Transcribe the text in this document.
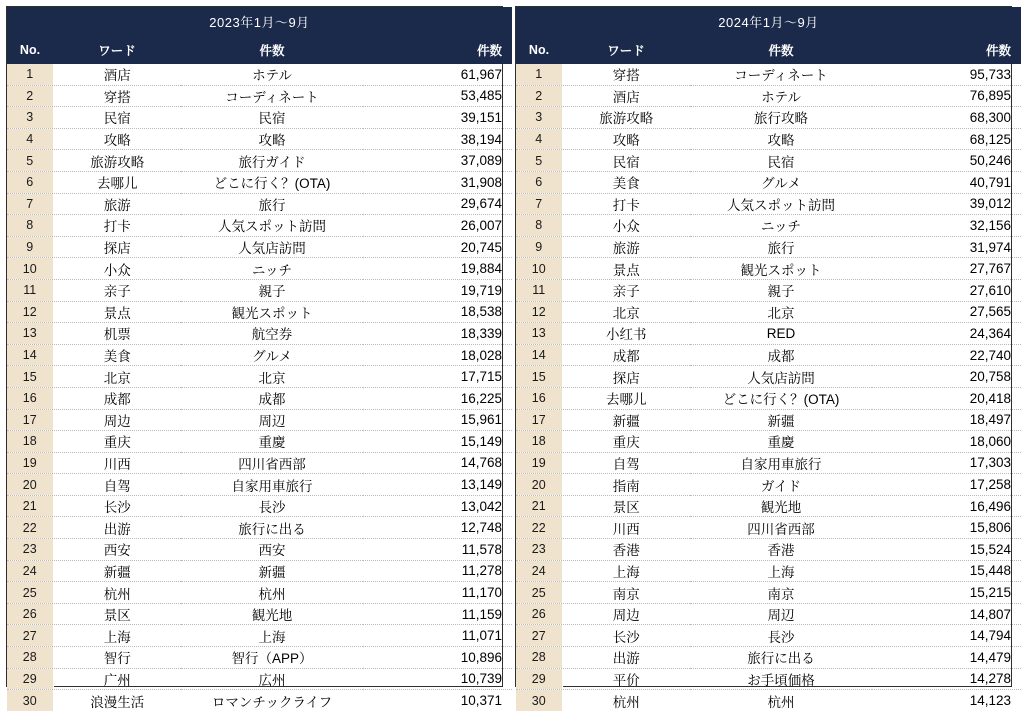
2023年1月～9月
No.	ワード	件数	件数
1	酒店	ホテル	61,967
2	穿搭	コーディネート	53,485
3	民宿	民宿	39,151
4	攻略	攻略	38,194
5	旅游攻略	旅行ガイド	37,089
6	去哪儿	どこに行く？(OTA)	31,908
7	旅游	旅行	29,674
8	打卡	人気スポット訪問	26,007
9	探店	人気店訪問	20,745
10	小众	ニッチ	19,884
11	亲子	親子	19,719
12	景点	観光スポット	18,538
13	机票	航空券	18,339
14	美食	グルメ	18,028
15	北京	北京	17,715
16	成都	成都	16,225
17	周边	周辺	15,961
18	重庆	重慶	15,149
19	川西	四川省西部	14,768
20	自驾	自家用車旅行	13,149
21	长沙	長沙	13,042
22	出游	旅行に出る	12,748
23	西安	西安	11,578
24	新疆	新疆	11,278
25	杭州	杭州	11,170
26	景区	観光地	11,159
27	上海	上海	11,071
28	智行	智行（APP）	10,896
29	广州	広州	10,739
30	浪漫生活	ロマンチックライフ	10,371
2024年1月～9月
No.	ワード	件数	件数
1	穿搭	コーディネート	95,733
2	酒店	ホテル	76,895
3	旅游攻略	旅行攻略	68,300
4	攻略	攻略	68,125
5	民宿	民宿	50,246
6	美食	グルメ	40,791
7	打卡	人気スポット訪問	39,012
8	小众	ニッチ	32,156
9	旅游	旅行	31,974
10	景点	観光スポット	27,767
11	亲子	親子	27,610
12	北京	北京	27,565
13	小红书	RED	24,364
14	成都	成都	22,740
15	探店	人気店訪問	20,758
16	去哪儿	どこに行く？(OTA)	20,418
17	新疆	新疆	18,497
18	重庆	重慶	18,060
19	自驾	自家用車旅行	17,303
20	指南	ガイド	17,258
21	景区	観光地	16,496
22	川西	四川省西部	15,806
23	香港	香港	15,524
24	上海	上海	15,448
25	南京	南京	15,215
26	周边	周辺	14,807
27	长沙	長沙	14,794
28	出游	旅行に出る	14,479
29	平价	お手頃価格	14,278
30	杭州	杭州	14,123
